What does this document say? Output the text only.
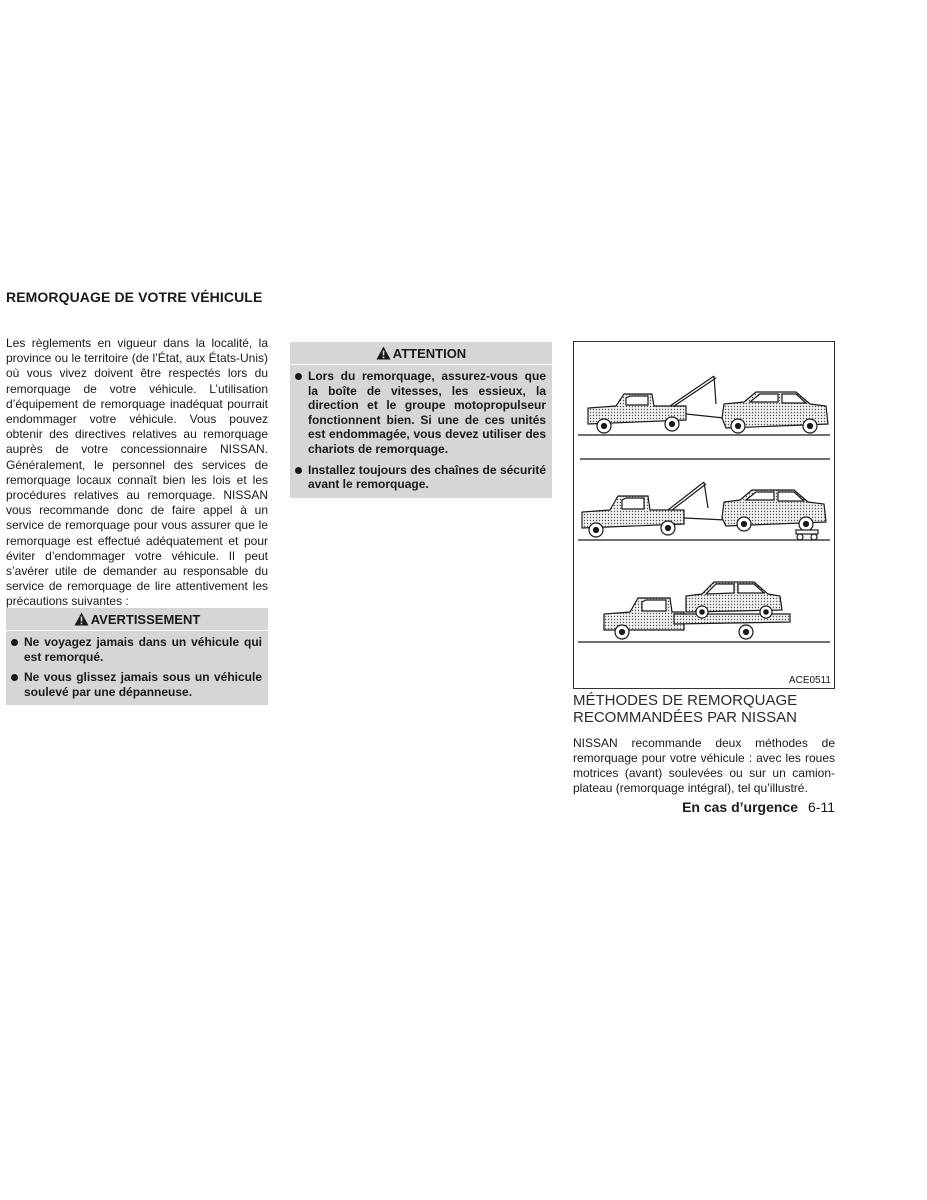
REMORQUAGE DE VOTRE VÉHICULE
Les règlements en vigueur dans la localité, la province ou le territoire (de l’État, aux États-Unis) où vous vivez doivent être respectés lors du remorquage de votre véhicule. L’utilisation d’équipement de remorquage inadéquat pourrait endommager votre véhicule. Vous pouvez obtenir des directives relatives au remorquage auprès de votre concessionnaire NISSAN. Généralement, le personnel des services de remorquage locaux connaît bien les lois et les procédures relatives au remorquage. NISSAN vous recommande donc de faire appel à un service de remorquage pour vous assurer que le remorquage est effectué adéquatement et pour éviter d’endommager votre véhicule. Il peut s’avérer utile de demander au responsable du service de remorquage de lire attentivement les précautions suivantes :
AVERTISSEMENT
Ne voyagez jamais dans un véhicule qui est remorqué.
Ne vous glissez jamais sous un véhicule soulevé par une dépanneuse.
ATTENTION
Lors du remorquage, assurez-vous que la boîte de vitesses, les essieux, la direction et le groupe motopropulseur fonctionnent bien. Si une de ces unités est endommagée, vous devez utiliser des chariots de remorquage.
Installez toujours des chaînes de sécurité avant le remorquage.
ACE0511
MÉTHODES DE REMORQUAGE
RECOMMANDÉES PAR NISSAN
NISSAN recommande deux méthodes de remorquage pour votre véhicule : avec les roues motrices (avant) soulevées ou sur un camion-plateau (remorquage intégral), tel qu’illustré.
En cas d’urgence 6-11
